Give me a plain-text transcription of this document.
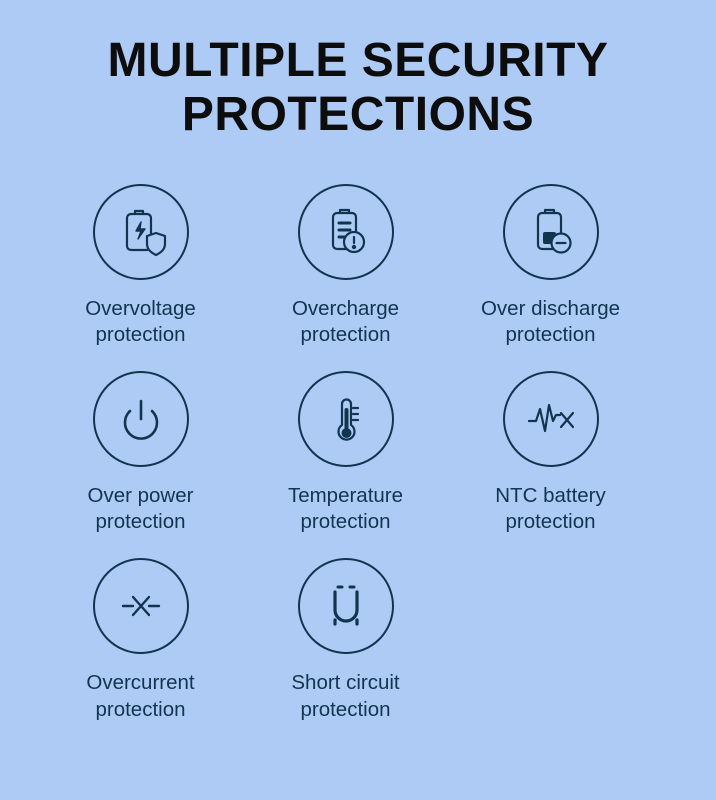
MULTIPLE SECURITY PROTECTIONS
Overvoltage
protection
Overcharge
protection
Over discharge
protection
Over power
protection
Temperature
protection
NTC battery
protection
Overcurrent
protection
Short circuit
protection
